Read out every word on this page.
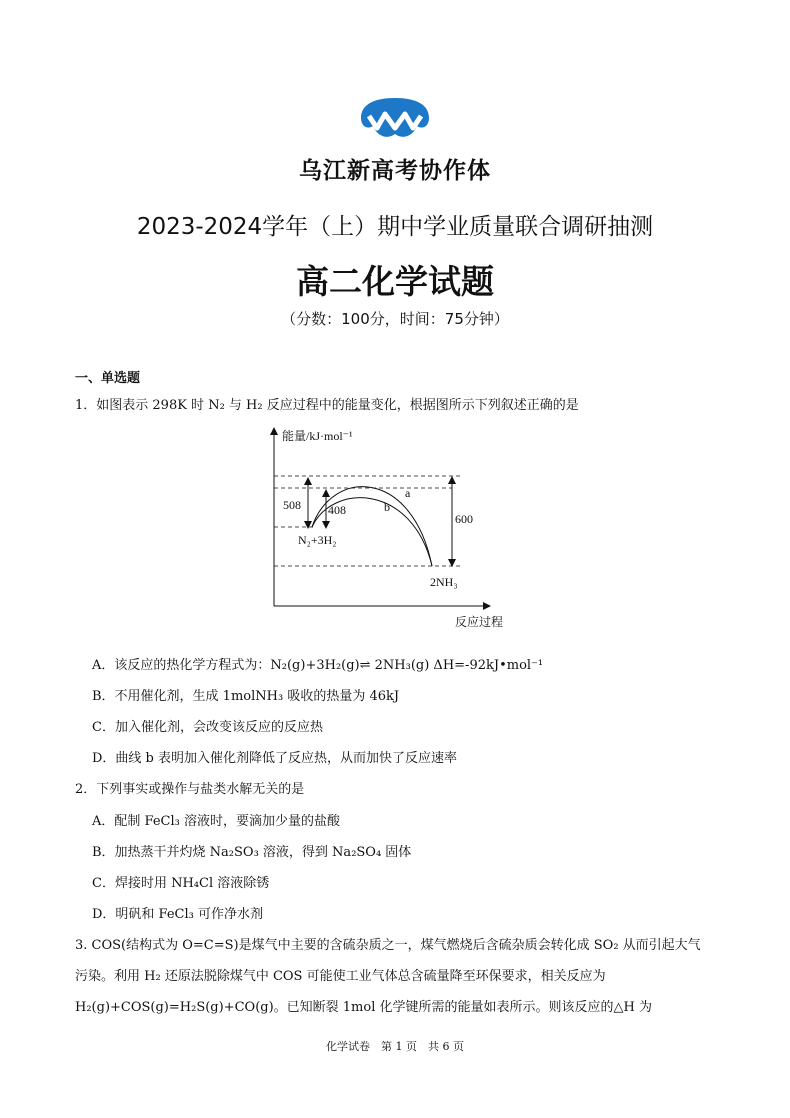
乌江新高考协作体
2023-2024学年（上）期中学业质量联合调研抽测
高二化学试题
（分数：100分，时间：75分钟）
一、单选题
1．如图表示 298K 时 N₂ 与 H₂ 反应过程中的能量变化，根据图所示下列叙述正确的是
能量/kJ·mol⁻¹
反应过程
508 408
600
a
b
N₂+3H₂
2NH₃
A．该反应的热化学方程式为：N₂(g)+3H₂(g)⇌ 2NH₃(g) ΔH=-92kJ•mol⁻¹
B．不用催化剂，生成 1molNH₃ 吸收的热量为 46kJ
C．加入催化剂，会改变该反应的反应热
D．曲线 b 表明加入催化剂降低了反应热，从而加快了反应速率
2．下列事实或操作与盐类水解无关的是
A．配制 FeCl₃ 溶液时，要滴加少量的盐酸
B．加热蒸干并灼烧 Na₂SO₃ 溶液，得到 Na₂SO₄ 固体
C．焊接时用 NH₄Cl 溶液除锈
D．明矾和 FeCl₃ 可作净水剂
3. COS(结构式为 O=C=S)是煤气中主要的含硫杂质之一，煤气燃烧后含硫杂质会转化成 SO₂ 从而引起大气
污染。利用 H₂ 还原法脱除煤气中 COS 可能使工业气体总含硫量降至环保要求，相关反应为
H₂(g)+COS(g)=H₂S(g)+CO(g)。已知断裂 1mol 化学键所需的能量如表所示。则该反应的△H 为
化学试卷　第 1 页　共 6 页
